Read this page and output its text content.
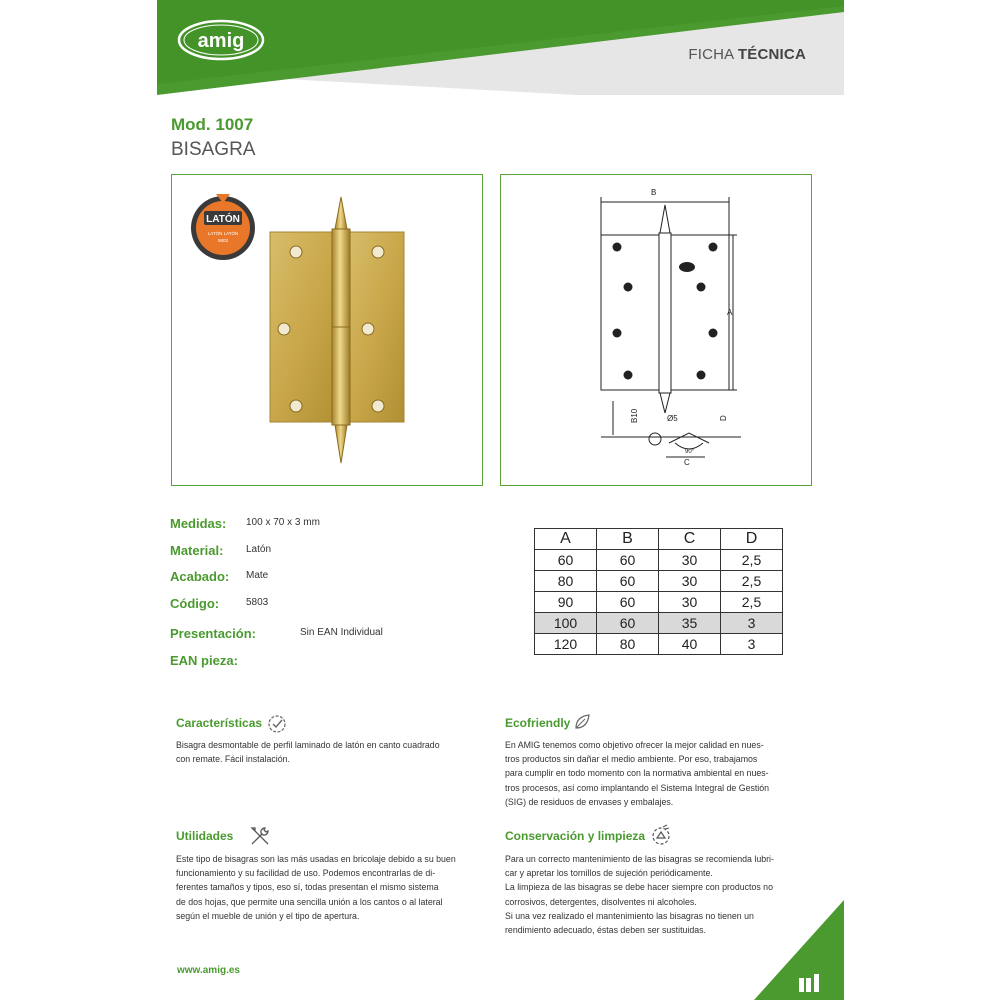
amig
FICHA TÉCNICA
Mod. 1007
BISAGRA
LATÓN
LATÓN LATÓN
5803
B
A
C
D
B10	Ø5
90°
Medidas: 100 x 70 x 3 mm
Material: Latón
Acabado: Mate
Código:	5803
Presentación:	Sin EAN Individual
EAN pieza:
A	B	C	D
60	60	30	2,5
80	60	30	2,5
90	60	30	2,5
100	60	35	3
120	80	40	3
Características
Bisagra desmontable de perfil laminado de latón en canto cuadrado
con remate. Fácil instalación.
Ecofriendly
En AMIG tenemos como objetivo ofrecer la mejor calidad en nues-
tros productos sin dañar el medio ambiente. Por eso, trabajamos
para cumplir en todo momento con la normativa ambiental en nues-
tros procesos, así como implantando el Sistema Integral de Gestión
(SIG) de residuos de envases y embalajes.
Utilidades
Este tipo de bisagras son las más usadas en bricolaje debido a su buen
funcionamiento y su facilidad de uso. Podemos encontrarlas de di-
ferentes tamaños y tipos, eso sí, todas presentan el mismo sistema
de dos hojas, que permite una sencilla unión a los cantos o al lateral
según el mueble de unión y el tipo de apertura.
Conservación y limpieza
Para un correcto mantenimiento de las bisagras se recomienda lubri-
car y apretar los tornillos de sujeción periódicamente.
La limpieza de las bisagras se debe hacer siempre con productos no
corrosivos, detergentes, disolventes ni alcoholes.
Si una vez realizado el mantenimiento las bisagras no tienen un
rendimiento adecuado, éstas deben ser sustituidas.
www.amig.es
